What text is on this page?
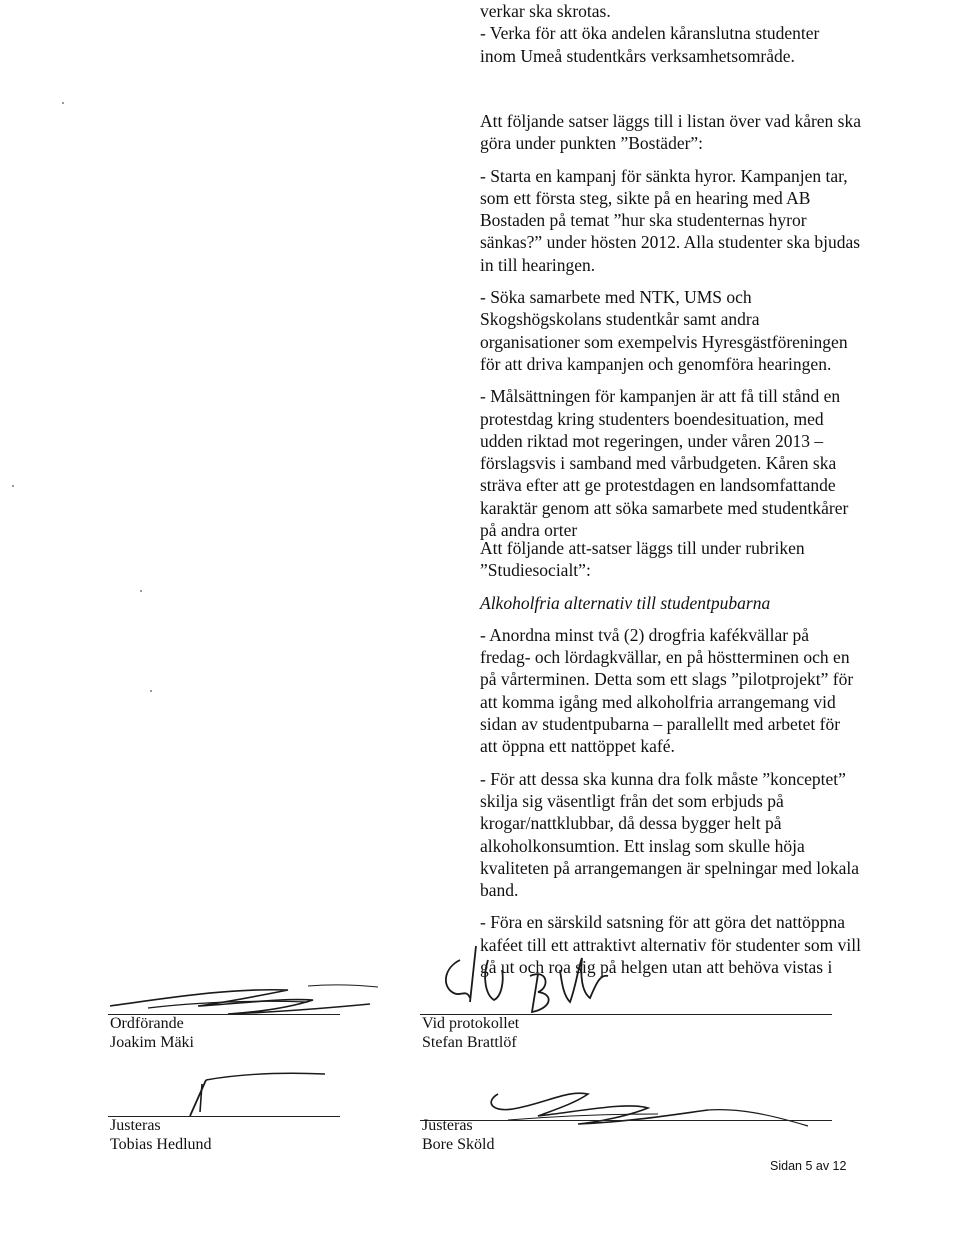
verkar ska skrotas.

- Verka för att öka andelen kåranslutna studenter

inom Umeå studentkårs verksamhetsområde.

Att följande satser läggs till i listan över vad kåren ska

göra under punkten ”Bostäder”:

- Starta en kampanj för sänkta hyror. Kampanjen tar,

som ett första steg, sikte på en hearing med AB

Bostaden på temat ”hur ska studenternas hyror

sänkas?” under hösten 2012. Alla studenter ska bjudas

in till hearingen.

- Söka samarbete med NTK, UMS och

Skogshögskolans studentkår samt andra

organisationer som exempelvis Hyresgästföreningen

för att driva kampanjen och genomföra hearingen.

- Målsättningen för kampanjen är att få till stånd en

protestdag kring studenters boendesituation, med

udden riktad mot regeringen, under våren 2013 –

förslagsvis i samband med vårbudgeten. Kåren ska

sträva efter att ge protestdagen en landsomfattande

karaktär genom att söka samarbete med studentkårer

på andra orter

Att följande att-satser läggs till under rubriken

”Studiesocialt”:

Alkoholfria alternativ till studentpubarna

- Anordna minst två (2) drogfria kafékvällar på

fredag- och lördagkvällar, en på höstterminen och en

på vårterminen. Detta som ett slags ”pilotprojekt” för

att komma igång med alkoholfria arrangemang vid

sidan av studentpubarna – parallellt med arbetet för

att öppna ett nattöppet kafé.

- För att dessa ska kunna dra folk måste ”konceptet”

skilja sig väsentligt från det som erbjuds på

krogar/nattklubbar, då dessa bygger helt på

alkoholkonsumtion. Ett inslag som skulle höja

kvaliteten på arrangemangen är spelningar med lokala

band.

- Föra en särskild satsning för att göra det nattöppna

kaféet till ett attraktivt alternativ för studenter som vill

gå ut och roa sig på helgen utan att behöva vistas i

Ordförande
Joakim Mäki
Vid protokollet
Stefan Brattlöf
Justeras
Tobias Hedlund
Justeras
Bore Sköld
Sidan 5 av 12
